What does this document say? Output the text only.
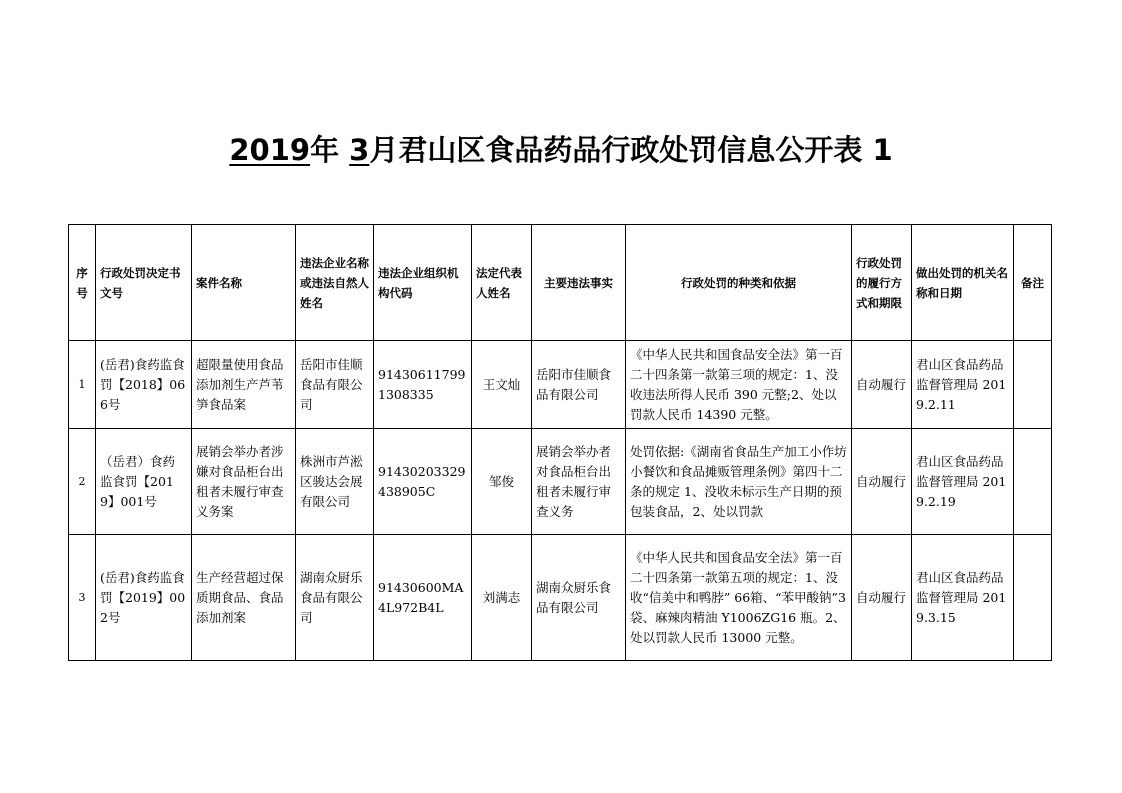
2019年 3月君山区食品药品行政处罚信息公开表 1
序号	行政处罚决定书文号	案件名称	违法企业名称或违法自然人姓名	违法企业组织机构代码	法定代表人姓名	主要违法事实	行政处罚的种类和依据	行政处罚的履行方式和期限	做出处罚的机关名称和日期	备注
1	(岳君)食药监食罚【2018】066号	超限量使用食品添加剂生产芦苇笋食品案	岳阳市佳顺食品有限公司	914306117991308335	王文灿	岳阳市佳顺食品有限公司	《中华人民共和国食品安全法》第一百二十四条第一款第三项的规定：1、没收违法所得人民币 390 元整;2、处以罚款人民币 14390 元整。	自动履行	君山区食品药品监督管理局 2019.2.11	
2	（岳君）食药监食罚【2019】001号	展销会举办者涉嫌对食品柜台出租者未履行审查义务案	株洲市芦淞区骏达会展有限公司	91430203329438905C	邹俊	展销会举办者对食品柜台出租者未履行审查义务	处罚依据:《湖南省食品生产加工小作坊小餐饮和食品摊贩管理条例》第四十二条的规定 1、没收未标示生产日期的预包装食品，2、处以罚款	自动履行	君山区食品药品监督管理局 2019.2.19	
3	(岳君)食药监食罚【2019】002号	生产经营超过保质期食品、食品添加剂案	湖南众厨乐食品有限公司	91430600MA4L972B4L	刘满志	湖南众厨乐食品有限公司	《中华人民共和国食品安全法》第一百二十四条第一款第五项的规定：1、没收“信美中和鸭脖” 66箱、“苯甲酸钠”3 袋、麻辣肉精油 Y1006ZG16 瓶。2、处以罚款人民币 13000 元整。	自动履行	君山区食品药品监督管理局 2019.3.15	
